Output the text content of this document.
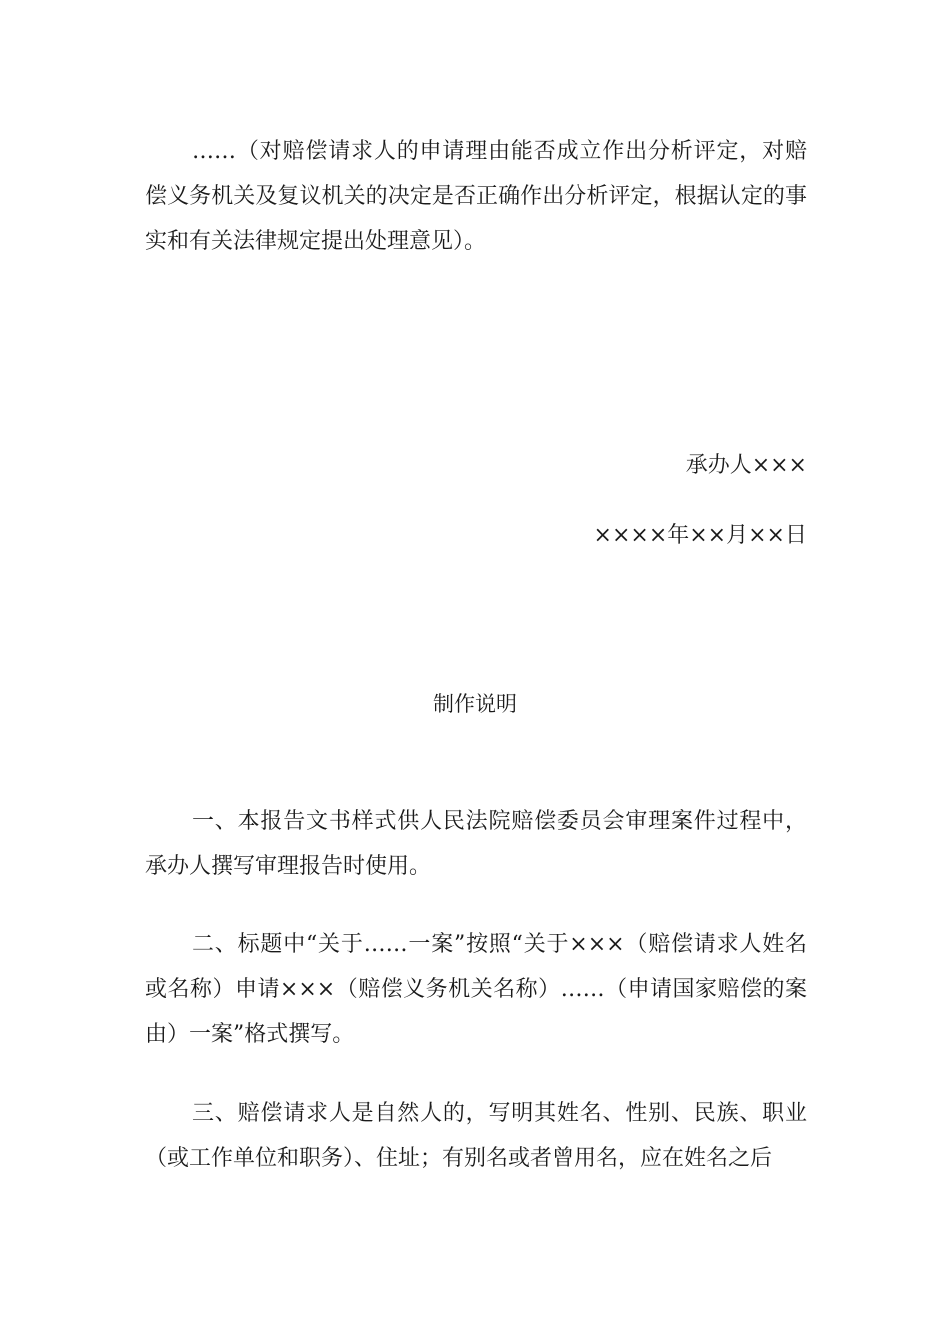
……（对赔偿请求人的申请理由能否成立作出分析评定，对赔偿义务机关及复议机关的决定是否正确作出分析评定，根据认定的事实和有关法律规定提出处理意见）。

承办人×××

××××年××月××日

制作说明

一、本报告文书样式供人民法院赔偿委员会审理案件过程中，承办人撰写审理报告时使用。

二、标题中“关于……一案”按照“关于×××（赔偿请求人姓名或名称）申请×××（赔偿义务机关名称）……（申请国家赔偿的案由）一案”格式撰写。

三、赔偿请求人是自然人的，写明其姓名、性别、民族、职业（或工作单位和职务）、住址；有别名或者曾用名，应在姓名之后
